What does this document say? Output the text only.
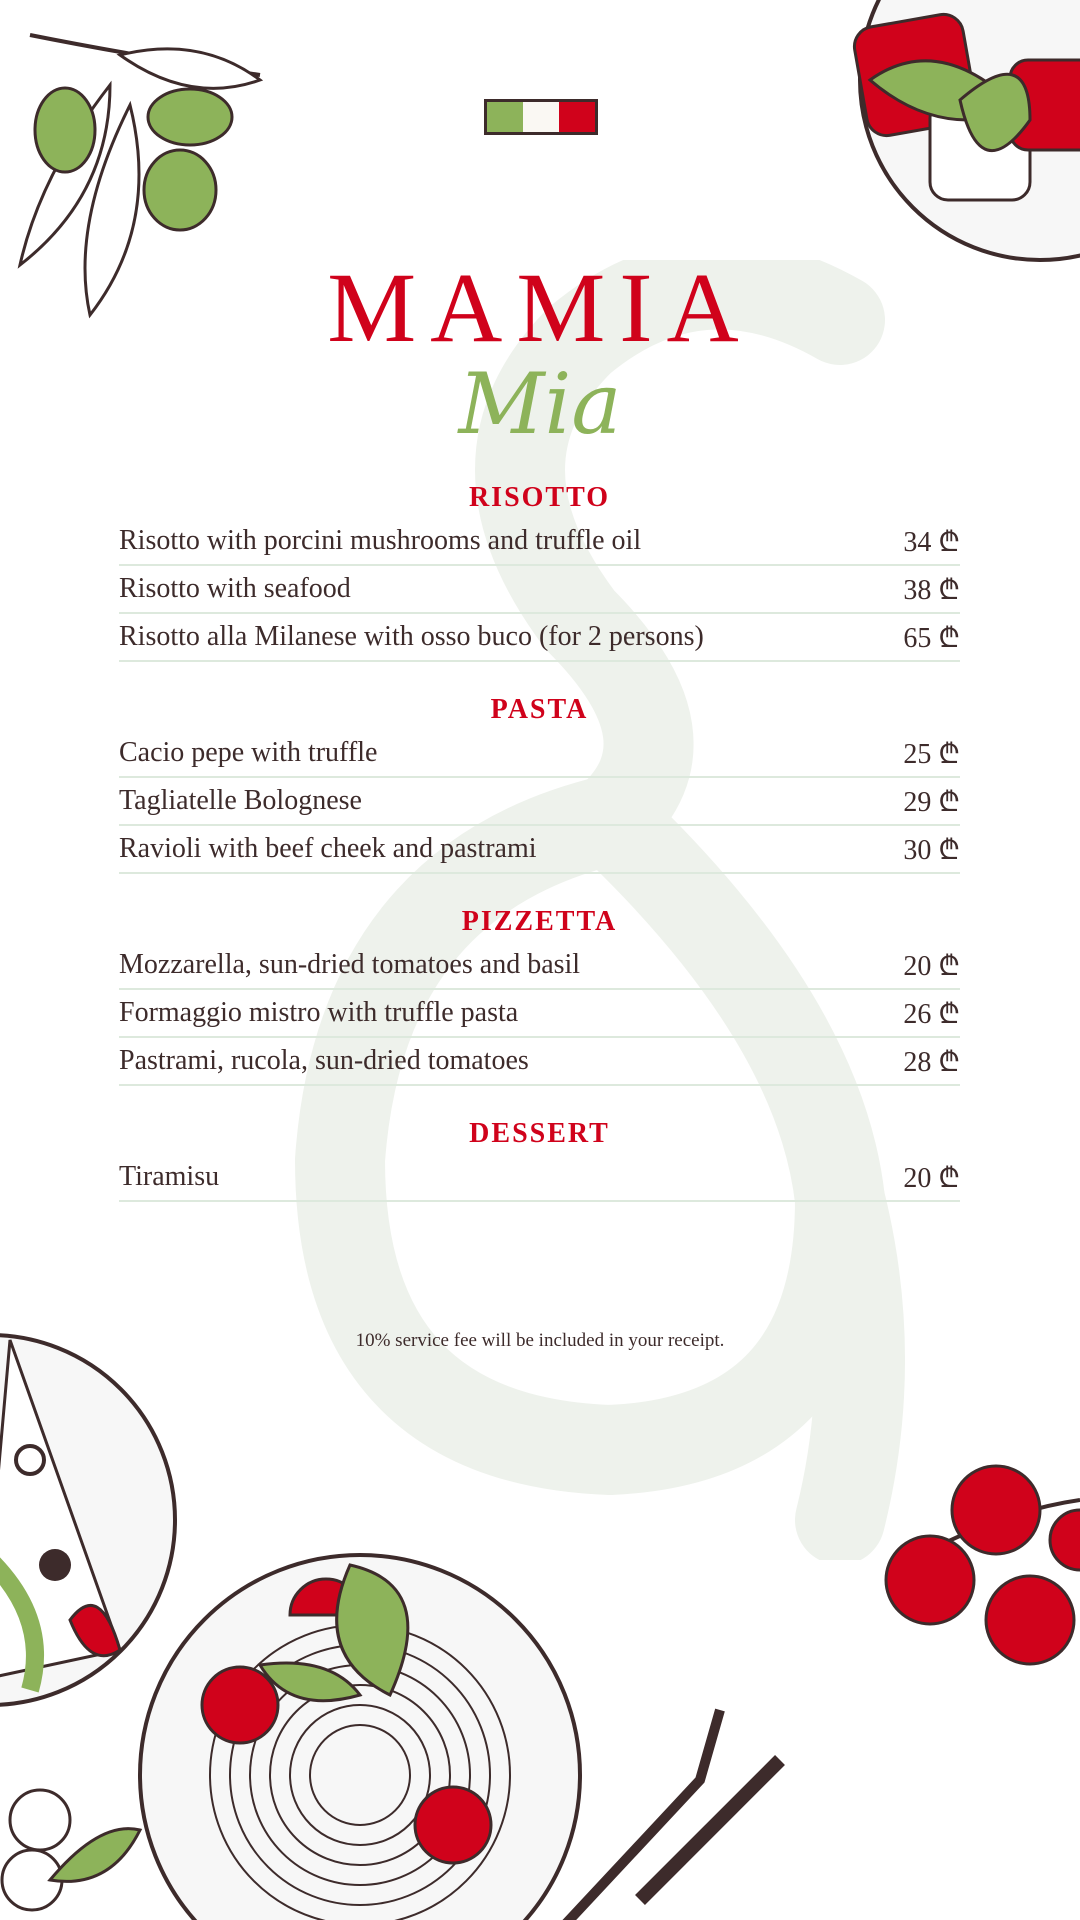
MAMIA
Mia
RISOTTO
Risotto with porcini mushrooms and truffle oil	34 ₾
Risotto with seafood	38 ₾
Risotto alla Milanese with osso buco (for 2 persons)	65 ₾
PASTA
Cacio pepe with truffle	25 ₾
Tagliatelle Bolognese	29 ₾
Ravioli with beef cheek and pastrami	30 ₾
PIZZETTA
Mozzarella, sun-dried tomatoes and basil	20 ₾
Formaggio mistro with truffle pasta	26 ₾
Pastrami, rucola, sun-dried tomatoes	28 ₾
DESSERT
Tiramisu	20 ₾
10% service fee will be included in your receipt.
